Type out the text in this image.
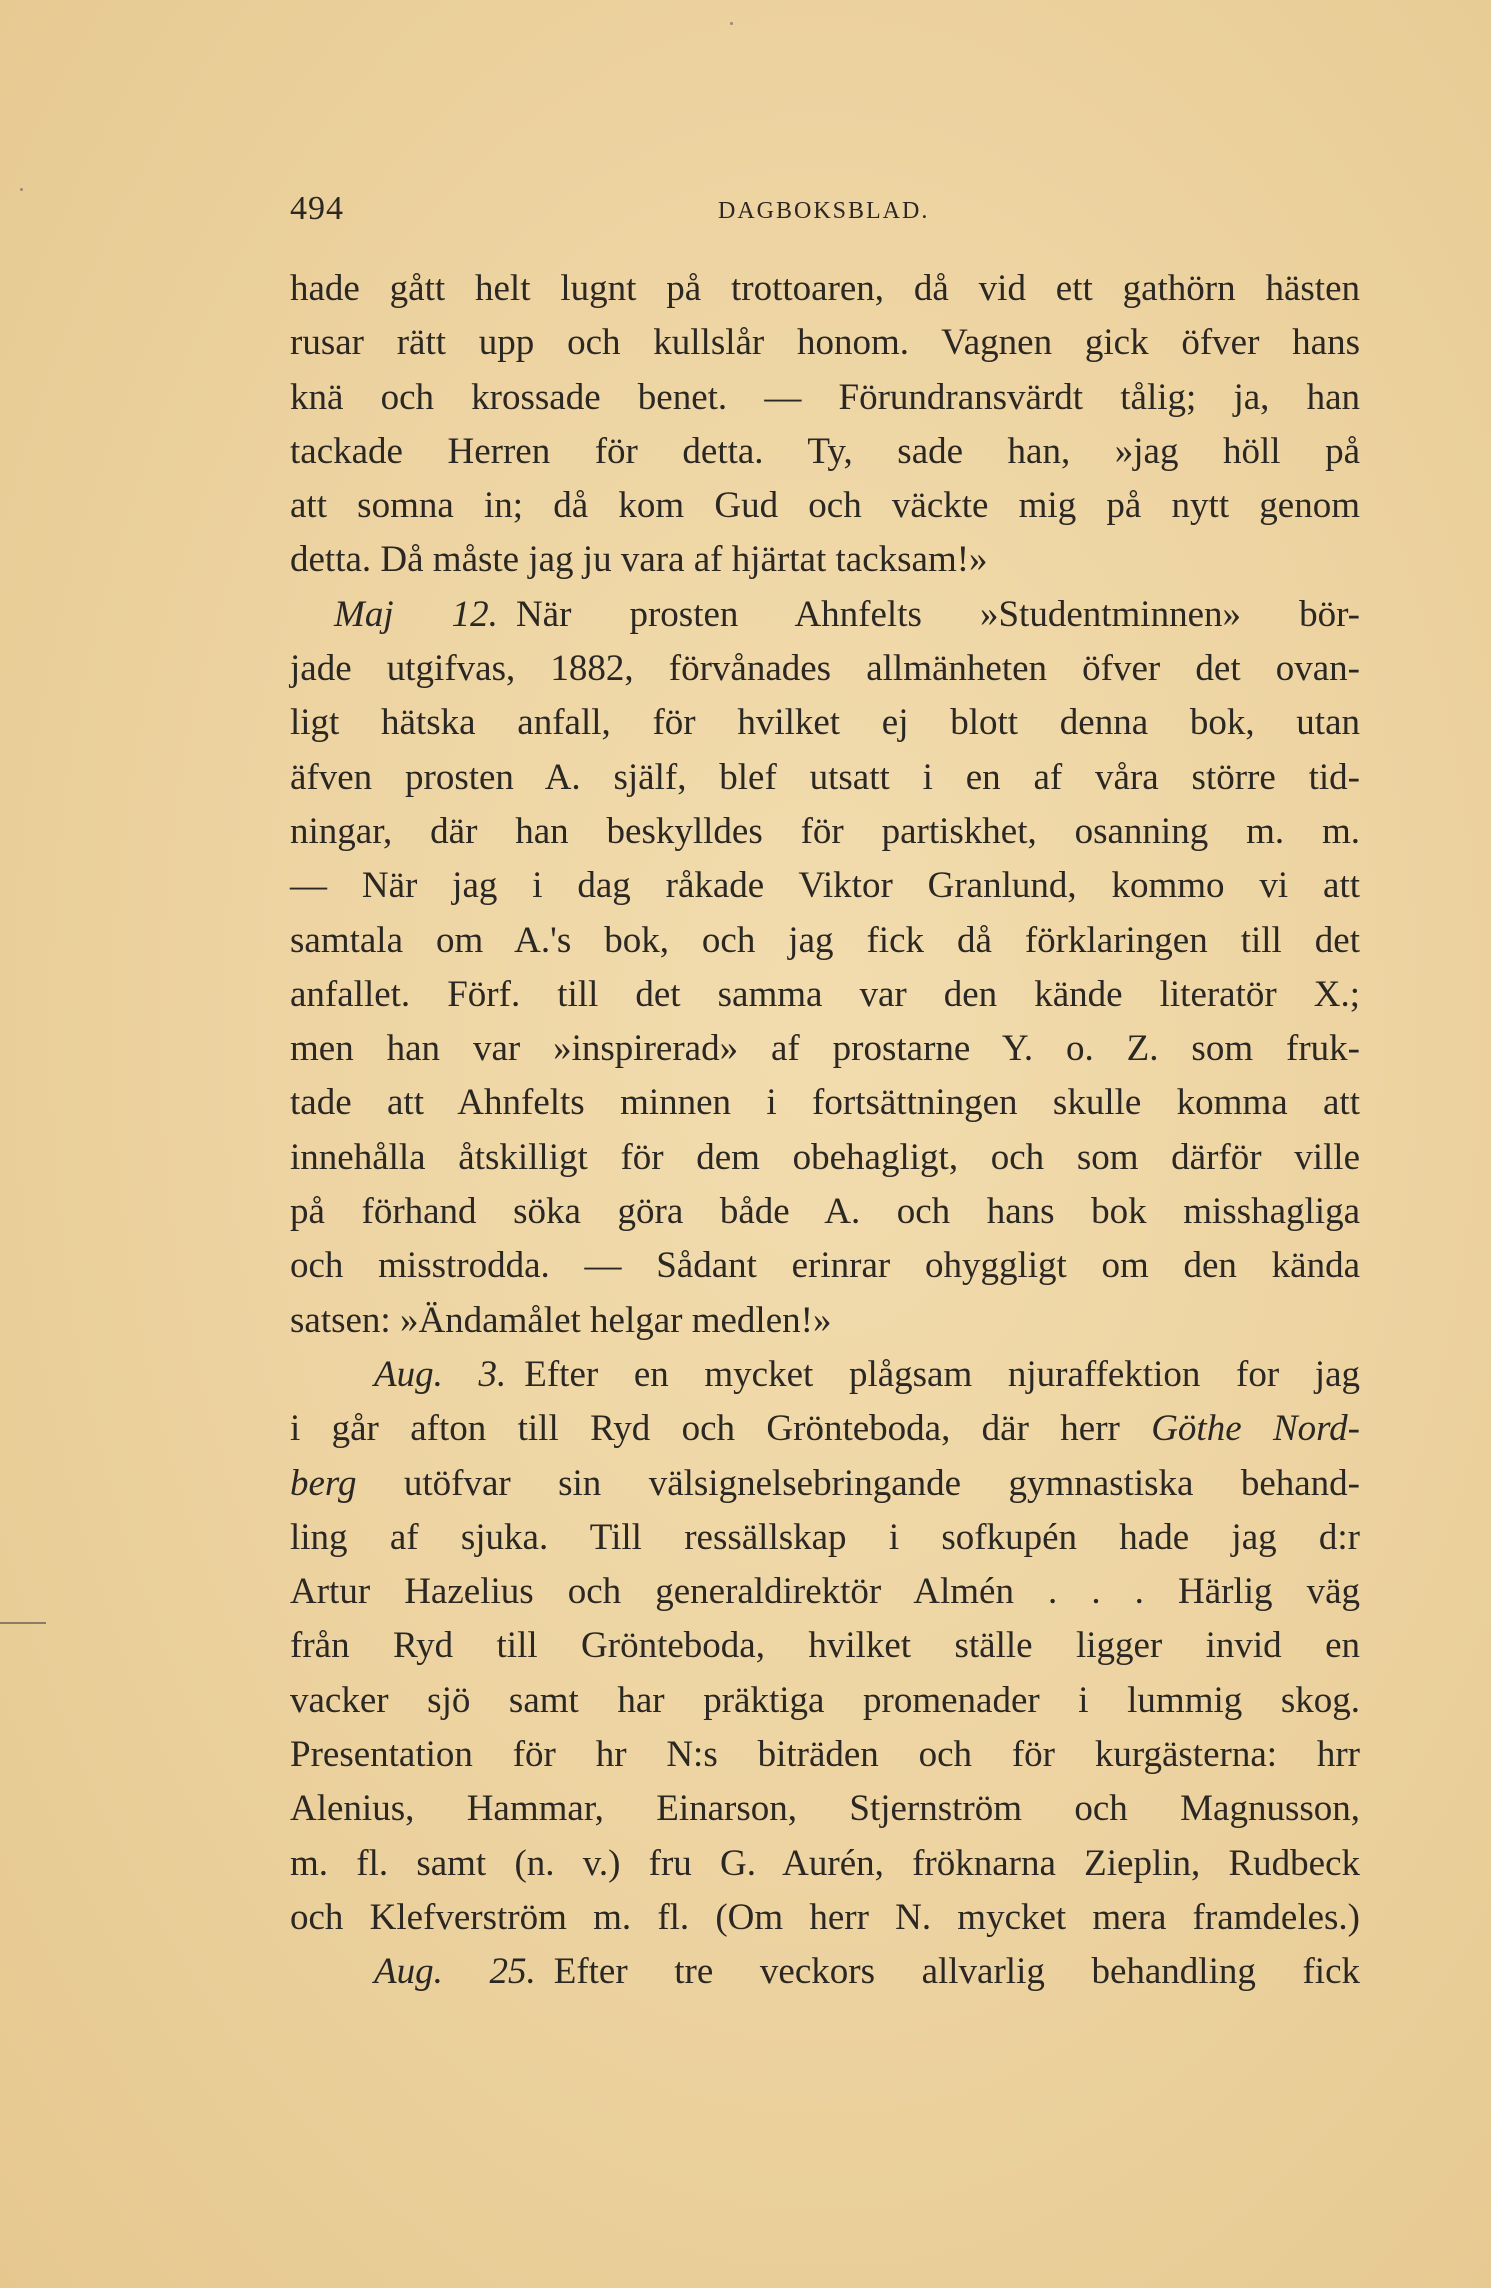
494	DAGBOKSBLAD.
hade gått helt lugnt på trottoaren, då vid ett gathörn hästen
rusar rätt upp och kullslår honom. Vagnen gick öfver hans
knä och krossade benet. — Förundransvärdt tålig; ja, han
tackade Herren för detta. Ty, sade han, »jag höll på
att somna in; då kom Gud och väckte mig på nytt genom
detta. Då måste jag ju vara af hjärtat tacksam!»
Maj 12. När prosten Ahnfelts »Studentminnen» bör-
jade utgifvas, 1882, förvånades allmänheten öfver det ovan-
ligt hätska anfall, för hvilket ej blott denna bok, utan
äfven prosten A. själf, blef utsatt i en af våra större tid-
ningar, där han beskylldes för partiskhet, osanning m. m.
— När jag i dag råkade Viktor Granlund, kommo vi att
samtala om A.'s bok, och jag fick då förklaringen till det
anfallet. Förf. till det samma var den kände literatör X.;
men han var »inspirerad» af prostarne Y. o. Z. som fruk-
tade att Ahnfelts minnen i fortsättningen skulle komma att
innehålla åtskilligt för dem obehagligt, och som därför ville
på förhand söka göra både A. och hans bok misshagliga
och misstrodda. — Sådant erinrar ohyggligt om den kända
satsen: »Ändamålet helgar medlen!»
Aug. 3. Efter en mycket plågsam njuraffektion for jag
i går afton till Ryd och Grönteboda, där herr Göthe Nord-
berg utöfvar sin välsignelsebringande gymnastiska behand-
ling af sjuka. Till ressällskap i sofkupén hade jag d:r
Artur Hazelius och generaldirektör Almén . . . Härlig väg
från Ryd till Grönteboda, hvilket ställe ligger invid en
vacker sjö samt har präktiga promenader i lummig skog.
Presentation för hr N:s biträden och för kurgästerna: hrr
Alenius, Hammar, Einarson, Stjernström och Magnusson,
m. fl. samt (n. v.) fru G. Aurén, fröknarna Zieplin, Rudbeck
och Klefverström m. fl. (Om herr N. mycket mera framdeles.)
Aug. 25. Efter tre veckors allvarlig behandling fick
